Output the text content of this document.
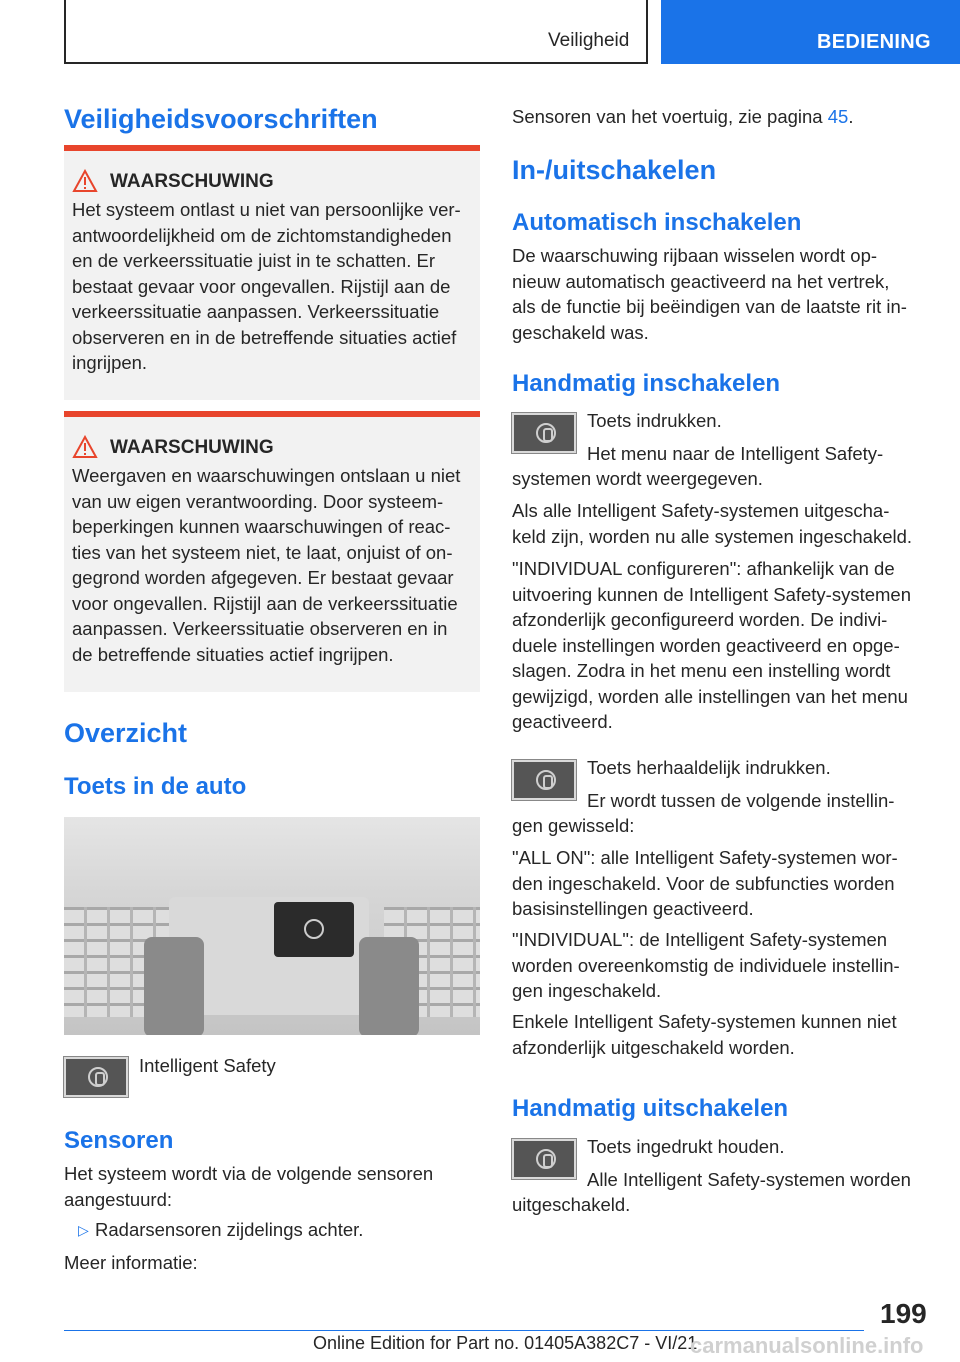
Veiligheid	BEDIENING
Veiligheidsvoorschriften
WAARSCHUWING
Het systeem ontlast u niet van persoonlijke ver-
antwoordelijkheid om de zichtomstandigheden
en de verkeerssituatie juist in te schatten. Er
bestaat gevaar voor ongevallen. Rijstijl aan de
verkeerssituatie aanpassen. Verkeerssituatie
observeren en in de betreffende situaties actief
ingrijpen.
WAARSCHUWING
Weergaven en waarschuwingen ontslaan u niet
van uw eigen verantwoording. Door systeem-
beperkingen kunnen waarschuwingen of reac-
ties van het systeem niet, te laat, onjuist of on-
gegrond worden afgegeven. Er bestaat gevaar
voor ongevallen. Rijstijl aan de verkeerssituatie
aanpassen. Verkeerssituatie observeren en in
de betreffende situaties actief ingrijpen.
Overzicht
Toets in de auto
Intelligent Safety
Sensoren
Het systeem wordt via de volgende sensoren
aangestuurd:
▷ Radarsensoren zijdelings achter.
Meer informatie:
Sensoren van het voertuig, zie pagina 45.
In-/uitschakelen
Automatisch inschakelen
De waarschuwing rijbaan wisselen wordt op-
nieuw automatisch geactiveerd na het vertrek,
als de functie bij beëindigen van de laatste rit in-
geschakeld was.
Handmatig inschakelen
Toets indrukken.
Het menu naar de Intelligent Safety-
systemen wordt weergegeven.
Als alle Intelligent Safety-systemen uitgescha-
keld zijn, worden nu alle systemen ingeschakeld.
"INDIVIDUAL configureren": afhankelijk van de
uitvoering kunnen de Intelligent Safety-systemen
afzonderlijk geconfigureerd worden. De indivi-
duele instellingen worden geactiveerd en opge-
slagen. Zodra in het menu een instelling wordt
gewijzigd, worden alle instellingen van het menu
geactiveerd.
Toets herhaaldelijk indrukken.
Er wordt tussen de volgende instellin-
gen gewisseld:
"ALL ON": alle Intelligent Safety-systemen wor-
den ingeschakeld. Voor de subfuncties worden
basisinstellingen geactiveerd.
"INDIVIDUAL": de Intelligent Safety-systemen
worden overeenkomstig de individuele instellin-
gen ingeschakeld.
Enkele Intelligent Safety-systemen kunnen niet
afzonderlijk uitgeschakeld worden.
Handmatig uitschakelen
Toets ingedrukt houden.
Alle Intelligent Safety-systemen worden
uitgeschakeld.
199
Online Edition for Part no. 01405A382C7 - VI/21
carmanualsonline.info
